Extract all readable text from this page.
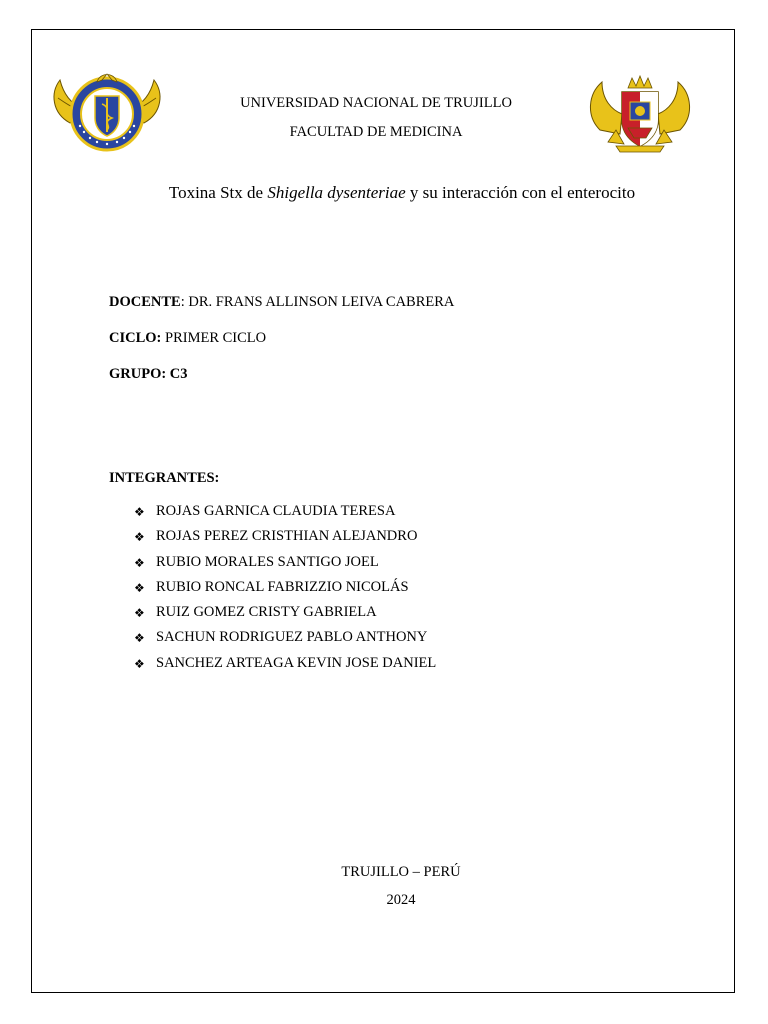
UNIVERSIDAD NACIONAL DE TRUJILLO
FACULTAD DE MEDICINA
Toxina Stx de Shigella dysenteriae y su interacción con el enterocito
DOCENTE: DR. FRANS ALLINSON LEIVA CABRERA
CICLO: PRIMER CICLO
GRUPO: C3
INTEGRANTES:
❖ ROJAS GARNICA CLAUDIA TERESA
❖ ROJAS PEREZ CRISTHIAN ALEJANDRO
❖ RUBIO MORALES SANTIGO JOEL
❖ RUBIO RONCAL FABRIZZIO NICOLÁS
❖ RUIZ GOMEZ CRISTY GABRIELA
❖ SACHUN RODRIGUEZ PABLO ANTHONY
❖ SANCHEZ ARTEAGA KEVIN JOSE DANIEL
TRUJILLO – PERÚ
2024
